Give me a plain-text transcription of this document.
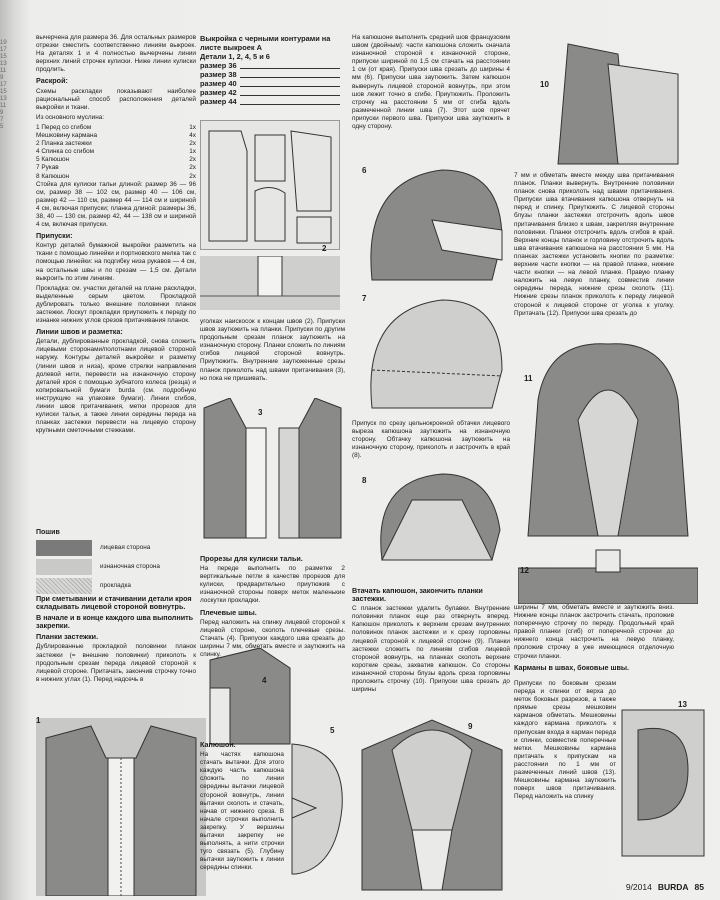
19
17
15
13
11
9
17
15
13
11
9
7
5

вычерчена для размера 36. Для остальных размеров отрезки сместить соответственно линиям выкроек. На деталях 1 и 4 полностью вычерчены линии верхних линий строчек кулиски. Ниже линии кулиски продлить.

Раскрой:

Схемы раскладки показывают наиболее рациональный способ расположения деталей выкройки и ткани.

Из основного муслина:

1 Перед со сгибом	1x
Мешковину кармана	4x
2 Планка застежки	2x
4 Спинка со сгибом	1x
5 Капюшон	2x
7 Рукав	2x
8 Капюшон	2x

Стойка для кулиски тальи длиной: размер 36 — 96 см, размер 38 — 102 см, размер 40 — 106 см, размер 42 — 110 см, размер 44 — 114 см и шириной 4 см, включая припуски; планка длиной: размеры 36, 38, 40 — 130 см, размер 42, 44 — 138 см и шириной 4 см, включая припуски.

Припуски:

Контур деталей бумажной выкройки разметить на ткани с помощью линейки и портновского мелка так с помощью линейки: на подгибку низа рукавов — 4 см, на остальные швы и по срезам — 1,5 см. Детали выкроить по этим линиям.

Прокладка: см. участки деталей на плане раскладки, выделенные серым цветом. Прокладкой дублировать только внешние половинки планок застежки. Лоскут прокладки приутюжить к переду по изнанке нижних углов срезов притачивания планок.

Линии швов и разметка:

Детали, дублированные прокладкой, снова сложить лицевыми сторонами/полотнами лицевой стороной наружу. Контуры деталей выкройки и разметку (линии швов и низа), кроме стрелки направления долевой нити, перевести на изнаночную сторону деталей кроя с помощью зубчатого колеса (резца) и копировальной бумаги burda (см. подробную инструкцию на упаковке бумаги). Линии сгибов, линии швов притачивания, метки прорезов для кулиски тальи, а также линии середины переда на планках застежки перевести на лицевую сторону крупными сметочными стежками.

Пошив
лицевая сторона
изнаночная сторона
прокладка
При сметывании и стачивании детали кроя складывать лицевой стороной вовнутрь.
В начале и в конце каждого шва выполнить закрепки.
Планки застежки.

Дублированные прокладкой половинки планок застежки (= внешние половинки) приколоть к продольным срезам переда лицевой стороной к лицевой стороне. Притачать, закончив строчку точно в нижних углах (1). Перед надсечь в

1
Выкройка с черными контурами на листе выкроек А
Детали 1, 2, 4, 5 и 6
размер 36
размер 38
размер 40
размер 42
размер 44
2

уголках наискосок к концам швов (2). Припуски швов заутюжить на планки. Припуски по другим продольным срезам планок заутюжить на изнаночную сторону. Планки сложить по линиям сгибов лицевой стороной вовнутрь. Приутюжить. Внутренние заутюженные срезы планок приколоть над швами притачивания (3), но пока не пришивать.

3
Прорезы для кулиски тальи.

На переде выполнить по разметке 2 вертикальные петли в качестве прорезов для кулиски, предварительно приутюжив с изнаночной стороны поверх меток маленькие лоскутки прокладки.

Плечевые швы.

Перед наложить на спинку лицевой стороной к лицевой стороне, сколоть плечевые срезы. Стачать (4). Припуски каждого шва срезать до ширины 7 мм, обметать вместе и заутюжить на спинку.

4
Капюшон.

На частях капюшона стачать вытачки. Для этого каждую часть капюшона сложить по линии середины вытачки лицевой стороной вовнутрь, линии вытачки сколоть и стачать, начав от нижнего среза. В начале строчки выполнить закрепку. У вершины вытачки закрепку не выполнять, а нити строчки туго связать (5). Глубину вытачки заутюжить к линии середины спинки.

5

На капюшоне выполнить средний шов французским швом (двойным): части капюшона сложить сначала изнаночной стороной к изнаночной стороне, припуски шириной по 1,5 см стачать на расстоянии 1 см (от края). Припуски шва срезать до ширины 4 мм (6). Припуски шва заутюжить. Затем капюшон вывернуть лицевой стороной вовнутрь, при этом шов лежит точно в сгибе. Приутюжить. Проложить строчку на расстоянии 5 мм от сгиба вдоль размеченной линии шва (7). Этот шов прячет припуски первого шва. Припуски шва заутюжить в одну сторону.

6
7

Припуск по срезу цельнокроеной обтачки лицевого выреза капюшона заутюжить на изнаночную сторону. Обтачку капюшона заутюжить на изнаночную сторону, приколоть и застрочить в край (8).

8
Втачать капюшон, закончить планки застежки.

С планок застежки удалить булавки. Внутренние половинки планок еще раз отвернуть вперед. Капюшон приколоть к верхним срезам внутренних половинок планок застежки и к срезу горловины лицевой стороной к лицевой стороне (9). Планки застежки сложить по линиям сгибов лицевой стороной вовнутрь, на планках сколоть верхние короткие срезы, захватив капюшон. Со стороны изнаночной стороны блузы вдоль среза горловины проложить строчку (10). Припуски шва срезать до ширины

9
10

7 мм и обметать вместе между шва притачивания планок. Планки вывернуть. Внутренние половинки планок снова приколоть над швами притачивания. Припуски шва втачивания капюшона отвернуть на перед и спинку. Приутюжить. С лицевой стороны блузы планки застежки отстрочить вдоль швов притачивания близко к швам, закрепляя внутренние половинки. Планки отстрочить вдоль сгибов в край. Верхние концы планок и горловину отстрочить вдоль шва втачивания капюшона на расстоянии 5 мм. На планках застежки установить кнопки по разметке: верхние части кнопки — на правой планке, нижние части кнопки — на левой планке. Правую планку наложить на левую планку, совместив линии середины переда, нижние срезы сколоть (11). Нижние срезы планок приколоть к переду лицевой стороной к лицевой стороне от уголка к уголку. Притачать (12). Припуски шва срезать до

11
12

ширины 7 мм, обметать вместе и заутюжить вниз. Нижние концы планок застрочить стачать, проложив поперечную строчку по переду. Продольный край правой планки (сгиб) от поперечной строчки до нижнего конца настрочить на левую планку, проложив строчку в уже имеющиеся отделочную строчки планки.

Карманы в швах, боковые швы.

Припуски по боковым срезам переда и спинки от верха до меток боковых разрезов, а также прямые срезы мешковин карманов обметать. Мешковины каждого кармана приколоть к припускам входа в карман переда и спинки, совместив поперечные метки. Мешковины кармана притачать к припускам на расстоянии по 1 мм от размеченных линий швов (13). Мешковины кармана заутюжить поверх швов притачивания. Перед наложить на спинку

13
9/2014 BURDA 85
